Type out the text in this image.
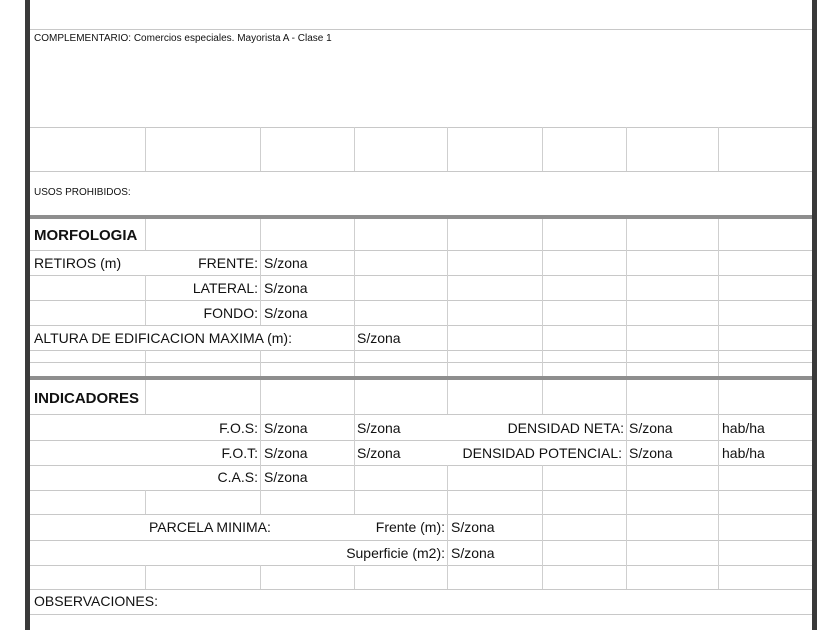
COMPLEMENTARIO: Comercios especiales. Mayorista A - Clase 1
USOS PROHIBIDOS:
MORFOLOGIA
RETIROS (m)	FRENTE: S/zona
LATERAL: S/zona
FONDO: S/zona
ALTURA DE EDIFICACION MAXIMA (m):	S/zona
INDICADORES
F.O.S: S/zona	S/zona	DENSIDAD NETA: S/zona	hab/ha
F.O.T: S/zona	S/zona	DENSIDAD POTENCIAL: S/zona	hab/ha
C.A.S: S/zona
PARCELA MINIMA:	Frente (m): S/zona
Superficie (m2): S/zona
OBSERVACIONES:
